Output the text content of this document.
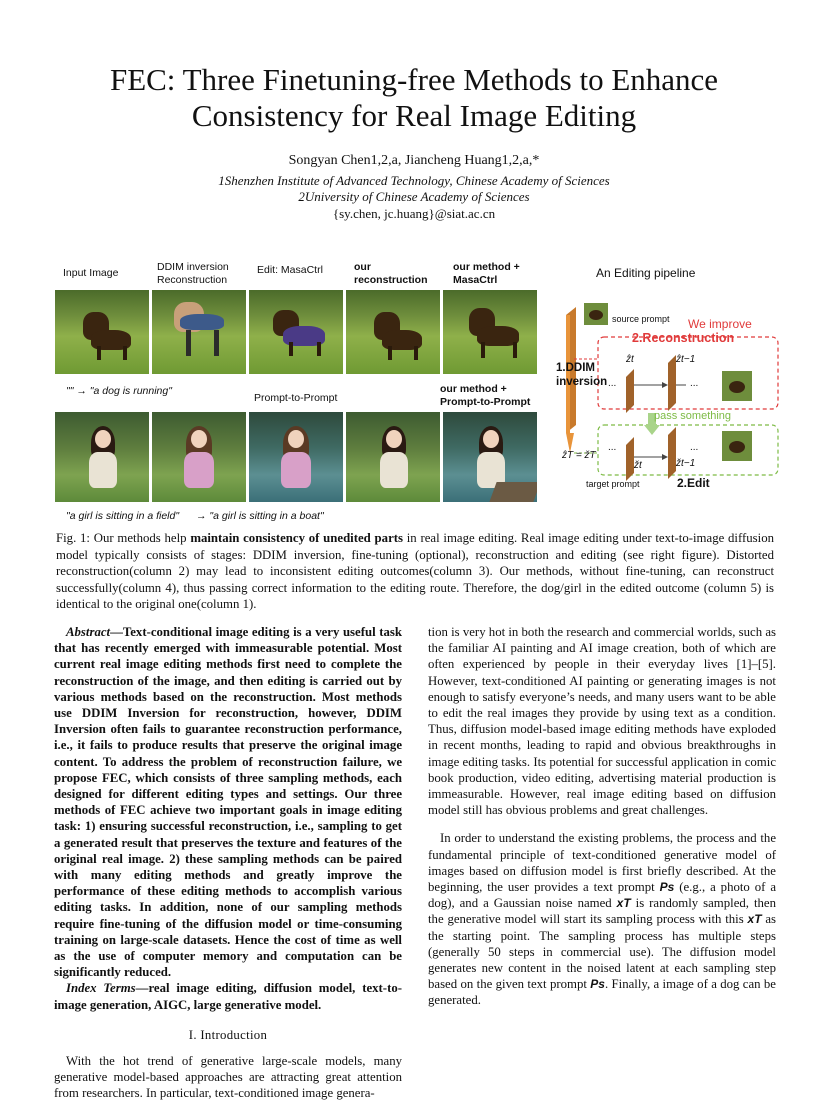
FEC: Three Finetuning-free Methods to Enhance
Consistency for Real Image Editing
Songyan Chen1,2,a, Jiancheng Huang1,2,a,*
1Shenzhen Institute of Advanced Technology, Chinese Academy of Sciences
2University of Chinese Academy of Sciences
{sy.chen, jc.huang}@siat.ac.cn
Input Image	DDIM inversion Reconstruction
Edit: MasaCtrl	our reconstruction
our method + MasaCtrl
"" → "a dog is running"
Prompt-to-Prompt
our method + Prompt-to-Prompt
"a girl is sitting in a field" → "a girl is sitting in a boat"
An Editing pipeline
source prompt We improve
2.Reconstruction
1.DDIM
inversion
ẑt	ẑt−1
...	...
pass something
ẑT = žT
...
žt	žt−1
...
target prompt	2.Edit
Fig. 1: Our methods help maintain consistency of unedited parts in real image editing. Real image editing under text-to-image diffusion model typically consists of stages: DDIM inversion, fine-tuning (optional), reconstruction and editing (see right figure). Distorted reconstruction(column 2) may lead to inconsistent editing outcomes(column 3). Our methods, without fine-tuning, can reconstruct successfully(column 4), thus passing correct information to the editing route. Therefore, the dog/girl in the edited outcome (column 5) is identical to the original one(column 1).

Abstract—Text-conditional image editing is a very useful task that has recently emerged with immeasurable potential. Most current real image editing methods first need to complete the reconstruction of the image, and then editing is carried out by various methods based on the reconstruction. Most methods use DDIM Inversion for reconstruction, however, DDIM Inversion often fails to guarantee reconstruction performance, i.e., it fails to produce results that preserve the original image content. To address the problem of reconstruction failure, we propose FEC, which consists of three sampling methods, each designed for different editing types and settings. Our three methods of FEC achieve two important goals in image editing task: 1) ensuring successful reconstruction, i.e., sampling to get a generated result that preserves the texture and features of the original real image. 2) these sampling methods can be paired with many editing methods and greatly improve the performance of these editing methods to accomplish various editing tasks. In addition, none of our sampling methods require fine-tuning of the diffusion model or time-consuming training on large-scale datasets. Hence the cost of time as well as the use of computer memory and computation can be significantly reduced.

Index Terms—real image editing, diffusion model, text-to-image generation, AIGC, large generative model.

I. Introduction

With the hot trend of generative large-scale models, many generative model-based approaches are attracting great attention from researchers. In particular, text-conditioned image genera-

tion is very hot in both the research and commercial worlds, such as the familiar AI painting and AI image creation, both of which are often experienced by people in their everyday lives [1]–[5]. However, text-conditioned AI painting or generating images is not enough to satisfy everyone’s needs, and many users want to be able to edit the real images they provide by using text as a condition. Thus, diffusion model-based image editing methods have exploded in recent months, leading to rapid and obvious breakthroughs in image editing tasks. Its potential for successful application in comic book production, video editing, advertising material production is immeasurable. However, real image editing based on diffusion model still has obvious problems and great challenges.

In order to understand the existing problems, the process and the fundamental principle of text-conditioned generative model of images based on diffusion model is first briefly described. At the beginning, the user provides a text prompt Ps (e.g., a photo of a dog), and a Gaussian noise named xT is randomly sampled, then the generative model will start its sampling process with this xT as the starting point. The sampling process has multiple steps (generally 50 steps in commercial use). The diffusion model generates new content in the noised latent at each sampling step based on the given text prompt Ps. Finally, a image of a dog can be generated.
